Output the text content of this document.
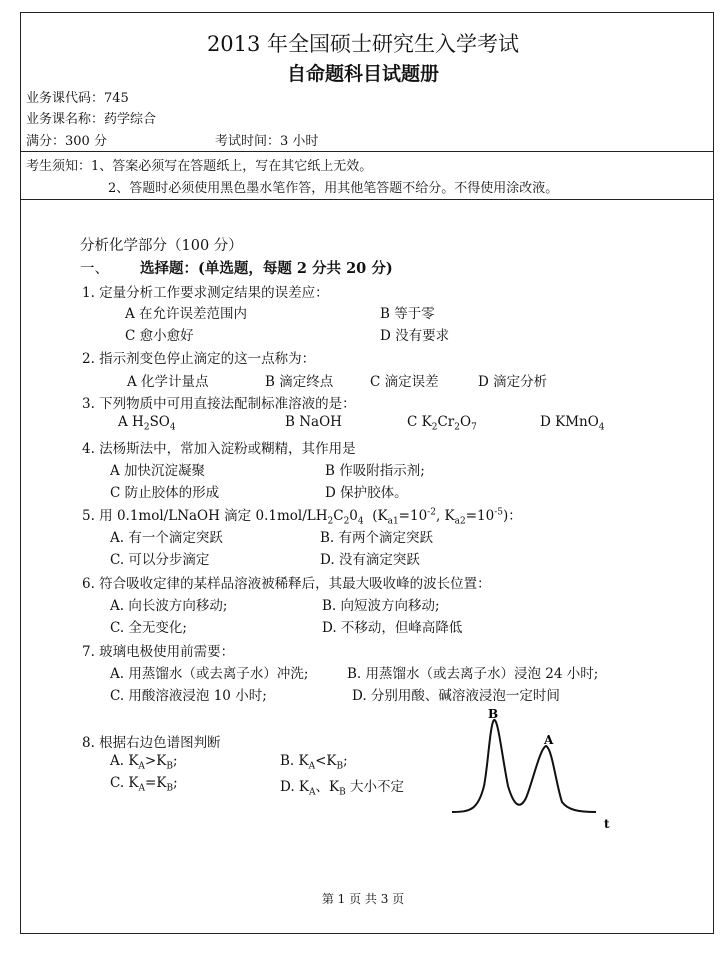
2013 年全国硕士研究生入学考试
自命题科目试题册
业务课代码：745
业务课名称：药学综合
满分：300 分	考试时间：3 小时
考生须知：1、答案必须写在答题纸上，写在其它纸上无效。
2、答题时必须使用黑色墨水笔作答，用其他笔答题不给分。不得使用涂改液。
分析化学部分（100 分）
一、 选择题：(单选题，每题 2 分共 20 分)
1. 定量分析工作要求测定结果的误差应：
A 在允许误差范围内	B 等于零
C 愈小愈好	D 没有要求
2. 指示剂变色停止滴定的这一点称为：
A 化学计量点	B 滴定终点	C 滴定误差	D 滴定分析
3. 下列物质中可用直接法配制标准溶液的是：
A $H_2SO_4$	B NaOH	C $K_2Cr_2O_7$	D KMnO$_4$
4. 法杨斯法中，常加入淀粉或糊精，其作用是
A 加快沉淀凝聚	B 作吸附指示剂;
C 防止胶体的形成	D 保护胶体。
5. 用 0.1mol/LNaOH 滴定 $0.1mol/LH_2C_20_4$ ($K_{a1}=10^{-2}$, $K_{a2}=10^{-5}$)：
A. 有一个滴定突跃	B. 有两个滴定突跃
C. 可以分步滴定	D. 没有滴定突跃
6. 符合吸收定律的某样品溶液被稀释后，其最大吸收峰的波长位置：
A. 向长波方向移动;	B. 向短波方向移动;
C. 全无变化;	D. 不移动，但峰高降低
7. 玻璃电极使用前需要：
A. 用蒸馏水（或去离子水）冲洗;	B. 用蒸馏水（或去离子水）浸泡 24 小时;
C. 用酸溶液浸泡 10 小时;	D. 分别用酸、碱溶液浸泡一定时间
8. 根据右边色谱图判断
A. $K_A>K_B$;	B. $K_A<K_B$;
C. $K_A=K_B$;	D. $K_A$、$K_B$ 大小不定
B
A
t
第 1 页 共 3 页
